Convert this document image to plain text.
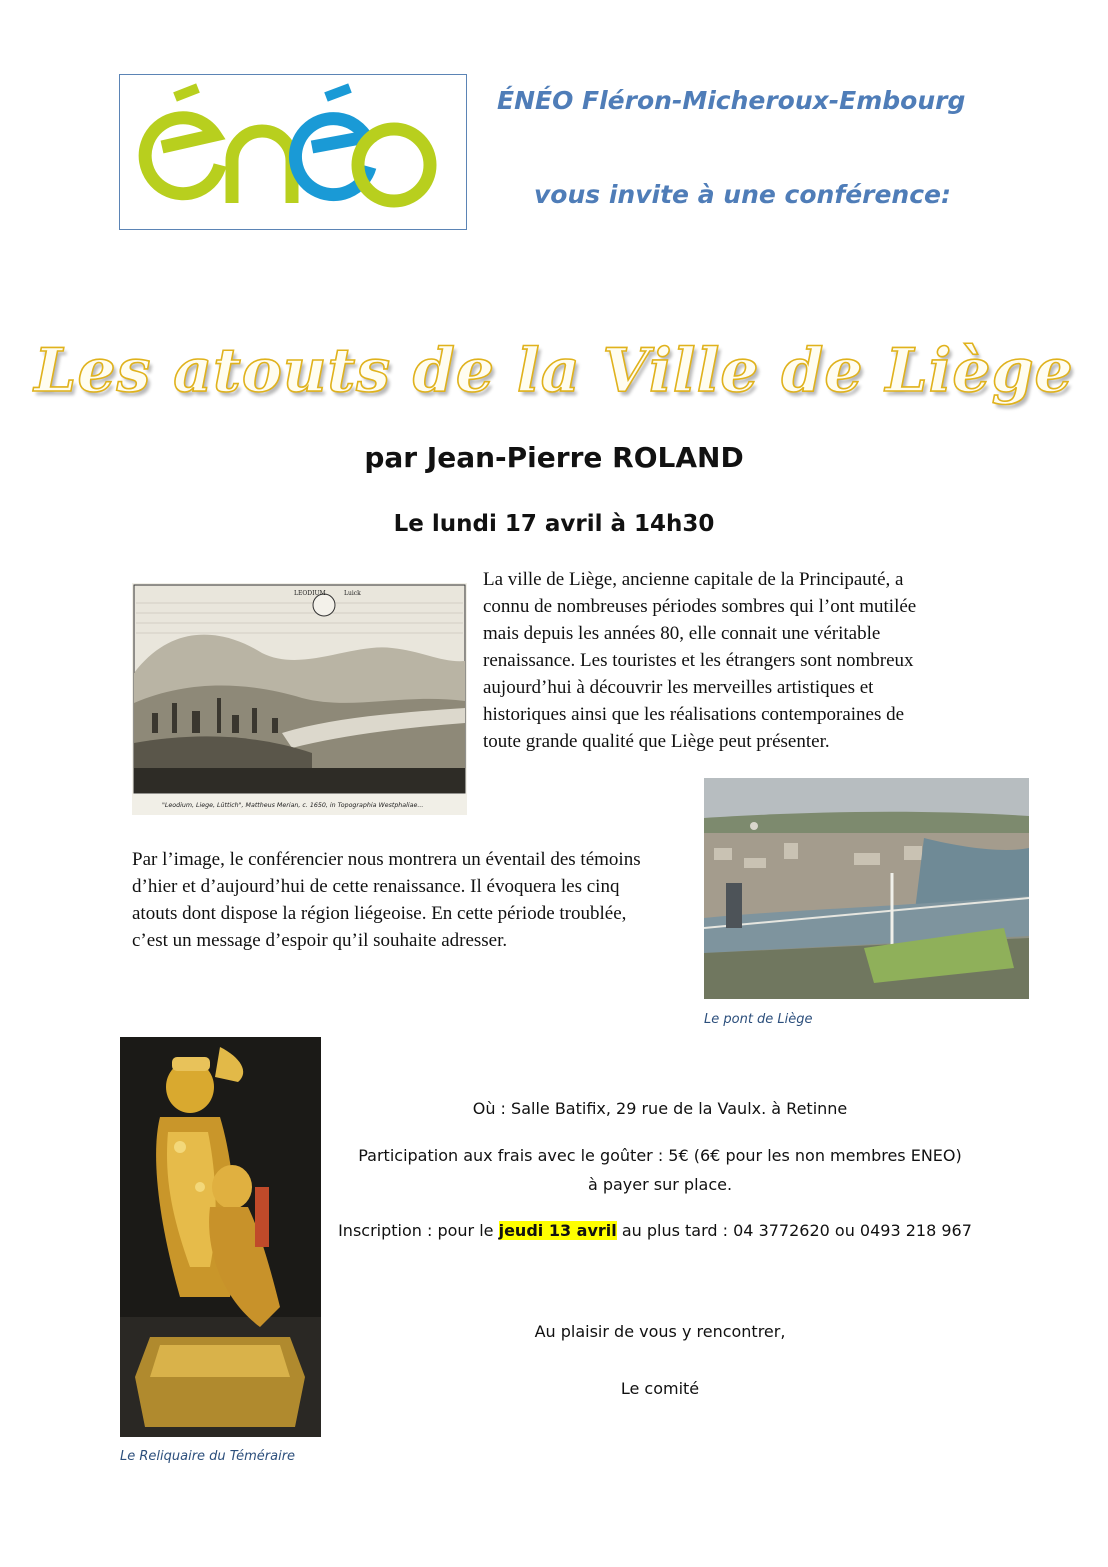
ÉNÉO Fléron-Micheroux-Embourg
vous invite à une conférence:
Les atouts de la Ville de Liège
par Jean-Pierre ROLAND
Le lundi 17 avril à 14h30
LEODIUM	Luick
"Leodium, Liege, Lüttich", Mattheus Merian, c. 1650, in Topographia Westphaliae...
La ville de Liège, ancienne capitale de la Principauté, a
connu de nombreuses périodes sombres qui l’ont mutilée
mais depuis les années 80, elle connait une véritable
renaissance. Les touristes et les étrangers sont nombreux
aujourd’hui à découvrir les merveilles artistiques et
historiques ainsi que les réalisations contemporaines de
toute grande qualité que Liège peut présenter.
Par l’image, le conférencier nous montrera un éventail des témoins
d’hier et d’aujourd’hui de cette renaissance. Il évoquera les cinq
atouts dont dispose la région liégeoise. En cette période troublée,
c’est un message d’espoir qu’il souhaite adresser.
Le pont de Liège
Le Reliquaire du Téméraire
Où : Salle Batifix, 29 rue de la Vaulx. à Retinne
Participation aux frais avec le goûter : 5€ (6€ pour les non membres ENEO)
à payer sur place.
Inscription : pour le jeudi 13 avril au plus tard : 04 3772620 ou 0493 218 967
Au plaisir de vous y rencontrer,
Le comité
